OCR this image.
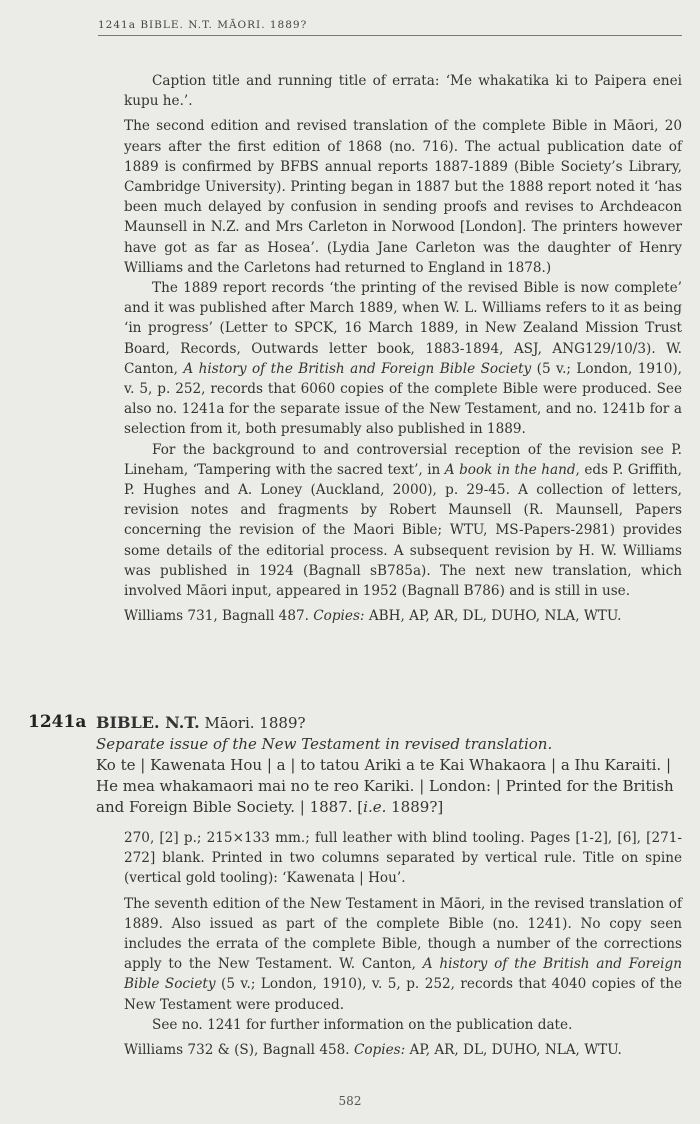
1241a BIBLE. N.T. MĀORI. 1889?

Caption title and running title of errata: ‘Me whakatika ki to Paipera enei kupu he.’.

The second edition and revised translation of the complete Bible in Māori, 20 years after the first edition of 1868 (no. 716). The actual publication date of 1889 is confirmed by BFBS annual reports 1887-1889 (Bible Society’s Library, Cambridge University). Printing began in 1887 but the 1888 report noted it ‘has been much delayed by confusion in sending proofs and revises to Archdeacon Maunsell in N.Z. and Mrs Carleton in Norwood [London]. The printers however have got as far as Hosea’. (Lydia Jane Carleton was the daughter of Henry Williams and the Carletons had returned to England in 1878.)

The 1889 report records ‘the printing of the revised Bible is now complete’ and it was published after March 1889, when W. L. Williams refers to it as being ‘in progress’ (Letter to SPCK, 16 March 1889, in New Zealand Mission Trust Board, Records, Outwards letter book, 1883-1894, ASJ, ANG129/10/3). W. Canton, A history of the British and Foreign Bible Society (5 v.; London, 1910), v. 5, p. 252, records that 6060 copies of the complete Bible were produced. See also no. 1241a for the separate issue of the New Testament, and no. 1241b for a selection from it, both presumably also published in 1889.

For the background to and controversial reception of the revision see P. Lineham, ‘Tampering with the sacred text’, in A book in the hand, eds P. Griffith, P. Hughes and A. Loney (Auckland, 2000), p. 29-45. A collection of letters, revision notes and fragments by Robert Maunsell (R. Maunsell, Papers concerning the revision of the Maori Bible; WTU, MS-Papers-2981) provides some details of the editorial process. A subsequent revision by H. W. Williams was published in 1924 (Bagnall sB785a). The next new translation, which involved Māori input, appeared in 1952 (Bagnall B786) and is still in use.

Williams 731, Bagnall 487. Copies: ABH, AP, AR, DL, DUHO, NLA, WTU.

1241a BIBLE. N.T. Māori. 1889?
Separate issue of the New Testament in revised translation.
Ko te | Kawenata Hou | a | to tatou Ariki a te Kai Whakaora | a Ihu Karaiti. | He mea whakamaori mai no te reo Kariki. | London: | Printed for the British and Foreign Bible Society. | 1887. [i.e. 1889?]

270, [2] p.; 215×133 mm.; full leather with blind tooling. Pages [1-2], [6], [271-272] blank. Printed in two columns separated by vertical rule. Title on spine (vertical gold tooling): ‘Kawenata | Hou’.

The seventh edition of the New Testament in Māori, in the revised translation of 1889. Also issued as part of the complete Bible (no. 1241). No copy seen includes the errata of the complete Bible, though a number of the corrections apply to the New Testament. W. Canton, A history of the British and Foreign Bible Society (5 v.; London, 1910), v. 5, p. 252, records that 4040 copies of the New Testament were produced.

See no. 1241 for further information on the publication date.

Williams 732 & (S), Bagnall 458. Copies: AP, AR, DL, DUHO, NLA, WTU.

582
